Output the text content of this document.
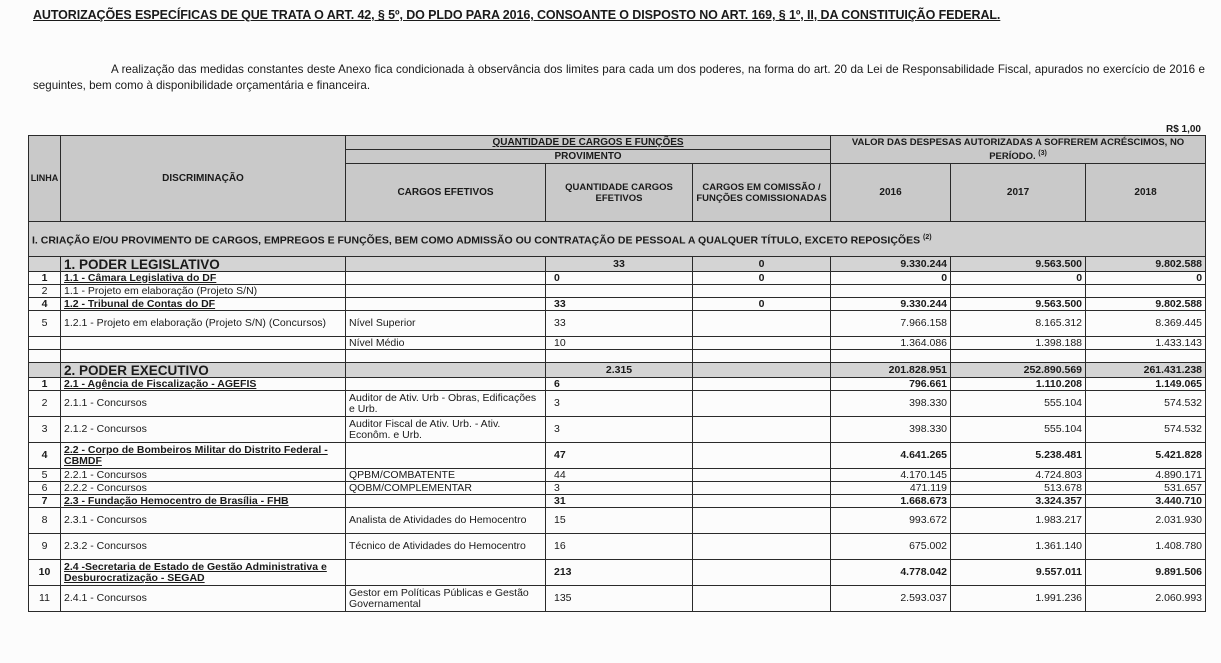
AUTORIZAÇÕES ESPECÍFICAS DE QUE TRATA O ART. 42, § 5º, DO PLDO PARA 2016, CONSOANTE O DISPOSTO NO ART. 169, § 1º, II, DA CONSTITUIÇÃO FEDERAL.
A realização das medidas constantes deste Anexo fica condicionada à observância dos limites para cada um dos poderes, na forma do art. 20 da Lei de Responsabilidade Fiscal, apurados no exercício de 2016 e seguintes, bem como à disponibilidade orçamentária e financeira.
R$ 1,00
LINHA	DISCRIMINAÇÃO	QUANTIDADE DE CARGOS E FUNÇÕES			VALOR DAS DESPESAS AUTORIZADAS A SOFREREM ACRÉSCIMOS, NO PERÍODO. $^{(3)}$
		PROVIMENTO					
		CARGOS EFETIVOS	QUANTIDADE CARGOS EFETIVOS	CARGOS EM COMISSÃO / FUNÇÕES COMISSIONADAS	2016	2017	2018
I. CRIAÇÃO E/OU PROVIMENTO DE CARGOS, EMPREGOS E FUNÇÕES, BEM COMO ADMISSÃO OU CONTRATAÇÃO DE PESSOAL A QUALQUER TÍTULO, EXCETO REPOSIÇÕES $^{(2)}$
	1. PODER LEGISLATIVO		33	0	9.330.244	9.563.500	9.802.588
1	1.1 - Câmara Legislativa do DF		0	0	0	0	0
2	1.1 - Projeto em elaboração (Projeto S/N)						
4	1.2 - Tribunal de Contas do DF		33	0	9.330.244	9.563.500	9.802.588
5	1.2.1 - Projeto em elaboração (Projeto S/N) (Concursos)	Nível Superior	33		7.966.158	8.165.312	8.369.445
		Nível Médio	10		1.364.086	1.398.188	1.433.143

	2. PODER EXECUTIVO		2.315		201.828.951	252.890.569	261.431.238
1	2.1 - Agência de Fiscalização - AGEFIS		6		796.661	1.110.208	1.149.065
2	2.1.1 - Concursos	Auditor de Ativ. Urb - Obras, Edificações e Urb.	3		398.330	555.104	574.532
3	2.1.2 - Concursos	Auditor Fiscal de Ativ. Urb. - Ativ. Econôm. e Urb.	3		398.330	555.104	574.532
4	2.2 - Corpo de Bombeiros Militar do Distrito Federal - CBMDF		47		4.641.265	5.238.481	5.421.828
5	2.2.1 - Concursos	QPBM/COMBATENTE	44		4.170.145	4.724.803	4.890.171
6	2.2.2 - Concursos	QOBM/COMPLEMENTAR	3		471.119	513.678	531.657
7	2.3 - Fundação Hemocentro de Brasília - FHB		31		1.668.673	3.324.357	3.440.710
8	2.3.1 - Concursos	Analista de Atividades do Hemocentro	15		993.672	1.983.217	2.031.930
9	2.3.2 - Concursos	Técnico de Atividades do Hemocentro	16		675.002	1.361.140	1.408.780
10	2.4 -Secretaria de Estado de Gestão Administrativa e Desburocratização - SEGAD		213		4.778.042	9.557.011	9.891.506
11	2.4.1 - Concursos	Gestor em Políticas Públicas e Gestão Governamental	135		2.593.037	1.991.236	2.060.993
